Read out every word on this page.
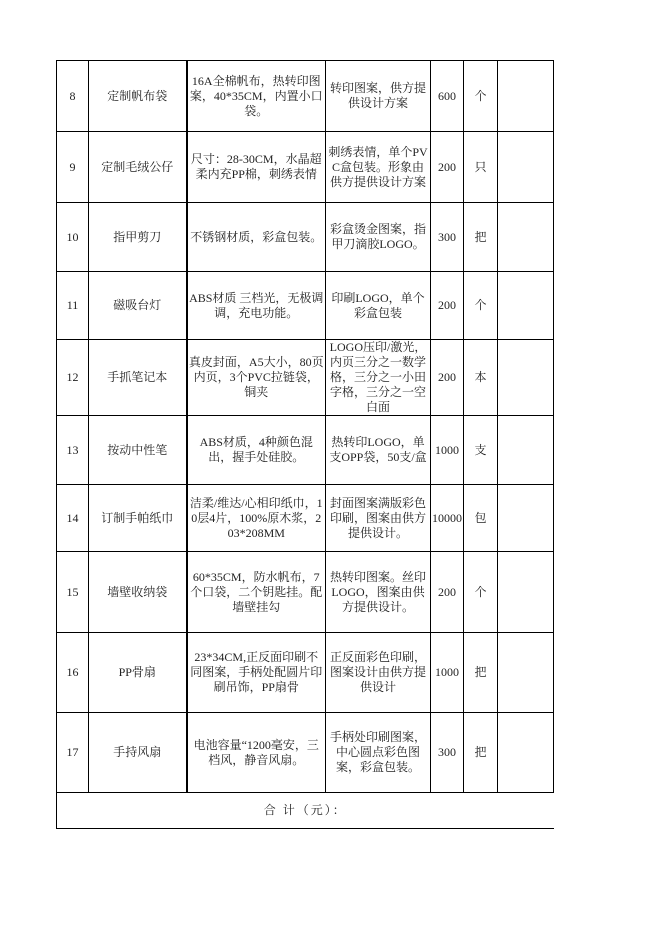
8	定制帆布袋	16A全棉帆布，热转印图案，40*35CM，内置小口袋。	转印图案，供方提供设计方案	600	个	
9	定制毛绒公仔	尺寸：28-30CM，水晶超柔内充PP棉，刺绣表情	刺绣表情，单个PVC盒包装。形象由供方提供设计方案	200	只	
10	指甲剪刀	不锈钢材质，彩盒包装。	彩盒烫金图案，指甲刀滴胶LOGO。	300	把	
11	磁吸台灯	ABS材质 三档光，无极调调，充电功能。	印刷LOGO，单个彩盒包装	200	个	
12	手抓笔记本	真皮封面，A5大小，80页内页，3个PVC拉链袋，铜夹	LOGO压印/激光，内页三分之一数学格，三分之一小田字格，三分之一空白面	200	本	
13	按动中性笔	ABS材质，4种颜色混出，握手处硅胶。	热转印LOGO，单支OPP袋，50支/盒	1000	支	
14	订制手帕纸巾	洁柔/维达/心相印纸巾，10层4片，100%原木浆，203*208MM	封面图案满版彩色印刷，图案由供方提供设计。	10000	包	
15	墙壁收纳袋	60*35CM，防水帆布，7个口袋，二个钥匙挂。配墙壁挂勾	热转印图案。丝印LOGO，图案由供方提供设计。	200	个	
16	PP骨扇	23*34CM,正反面印刷不同图案，手柄处配圆片印刷吊饰，PP扇骨	正反面彩色印刷，图案设计由供方提供设计	1000	把	
17	手持风扇	电池容量“1200毫安，三档风，静音风扇。	手柄处印刷图案，中心圆点彩色图案，彩盒包装。	300	把	
合 计（元）：						
